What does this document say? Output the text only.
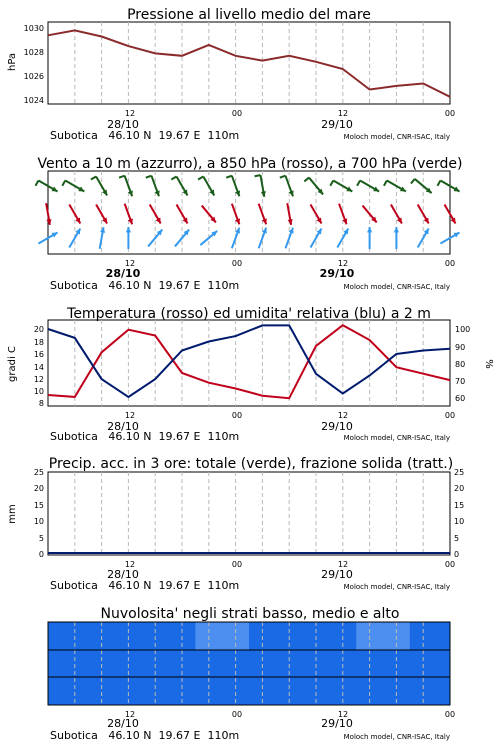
Pressione al livello medio del mare
hPa
1030
1028
1026
1024
12	00	12	00
28/10	29/10
Subotica   46.10 N  19.67 E  110m	Moloch model, CNR-ISAC, Italy
Vento a 10 m (azzurro), a 850 hPa (rosso), a 700 hPa (verde)
12	00	12	00
28/10	29/10
Subotica   46.10 N  19.67 E  110m	Moloch model, CNR-ISAC, Italy
Temperatura (rosso) ed umidita' relativa (blu) a 2 m
gradi C	%
20
18
16
14
12
10
8
100
90
80
70
60
12	00	12	00
28/10	29/10
Subotica   46.10 N  19.67 E  110m	Moloch model, CNR-ISAC, Italy
Precip. acc. in 3 ore: totale (verde), frazione solida (tratt.)
mm
25
20
15
10
5
0
25
20
15
10
5
0
12	00	12	00
28/10	29/10
Subotica   46.10 N  19.67 E  110m	Moloch model, CNR-ISAC, Italy
Nuvolosita' negli strati basso, medio e alto
12	00	12	00
28/10	29/10
Subotica   46.10 N  19.67 E  110m	Moloch model, CNR-ISAC, Italy
